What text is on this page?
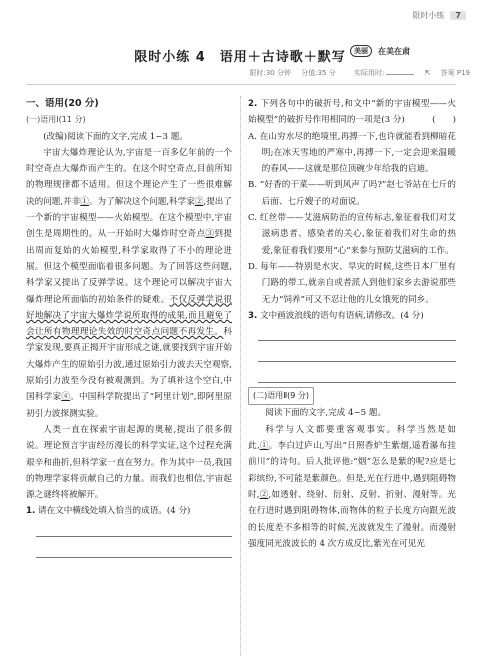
限时小练	7
限时小练 4　语用＋古诗歌＋默写	美丽	在美在肃
限时:30 分钟 分值:35 分	实际用时:	⇱ 答案 P19
一、语用(20 分)
(一)语用Ⅰ(11 分)

(改编)阅读下面的文字,完成 1~3 题。

宇宙大爆炸理论认为,宇宙是一百多亿年前的一个时空奇点大爆炸而产生的。在这个时空奇点,目前所知的物理规律都不适用。但这个理论产生了一些很难解决的问题,并非①。为了解决这个问题,科学家②,提出了一个新的宇宙模型——火始模型。在这个模型中,宇宙创生是周期性的。从一开始时大爆炸时空奇点③到提出周而复始的火始模型,科学家取得了不小的理论进展。但这个模型面临着很多问题。为了回答这些问题,科学家又提出了反弹学说。这个理论可以解决宇宙大爆炸理论所面临的初始条件的疑难。不仅反弹学说很好地解决了宇宙大爆炸学说所取得的成果,而且避免了会让所有物理理论失效的时空奇点问题不再发生。科学家发现,要真正揭开宇宙形成之谜,就要找到宇宙开始大爆炸产生的原始引力波,通过原始引力波去天空观察,原始引力波至今没有被观测到。为了填补这个空白,中国科学家④。中国科学院提出了“阿里计划”,即阿里原初引力波探测实验。

人类一直在探索宇宙起源的奥秘,提出了很多假说。理论预言宇宙经历漫长的科学实证,这个过程充满艰辛和曲折,但科学家一直在努力。作为其中一员,我国的物理学家将贡献自己的力量。而我们也相信,宇宙起源之谜终将被解开。

1. 请在文中横线处填入恰当的成语。(4 分)

2. 下列各句中的破折号,和文中“新的宇宙模型——火始模型”的破折号作用相同的一项是(3 分)	(　　)

A. 在山穷水尽的绝境里,再搏一下,也许就能看到柳暗花明;在冰天雪地的严寒中,再搏一下,一定会迎来温暖的春风——这就是那位顶碗少年给我的启迪。

B. “好香的干菜——听到风声了吗?”赵七爷站在七斤的后面、七斤嫂子的对面说。

C. 红丝带——艾滋病防治的宣传标志,象征着我们对艾滋病患者、感染者的关心,象征着我们对生命的热爱,象征着我们要用“心”来参与预防艾滋病的工作。

D. 每年——特别是水灾、旱灾的时候,这些日本厂里有门路的带工,就亲自或者派人到他们家乡去游说那些无力“饲养”可又不忍让他的儿女饿死的同乡。

3. 文中画波浪线的语句有语病,请修改。(4 分)

(二)语用Ⅱ(9 分)

阅读下面的文字,完成 4~5 题。

科学与人文都要重客观事实。科学当然是如此,①。李白过庐山,写出“日照香炉生紫烟,遥看瀑布挂前川”的诗句。后人批评他:“烟”怎么是紫的呢?应是七彩缤纷,不可能是紫颜色。但是,光在行进中,遇到阻碍物时,②,如透射、绕射、衍射、反射、折射、漫射等。光在行进时遇到阻碍物体,而物体的粒子长度方向跟光波的长度差不多相等的时候,光波就发生了漫射。而漫射强度同光波波长的 4 次方成反比,紫光在可见光
